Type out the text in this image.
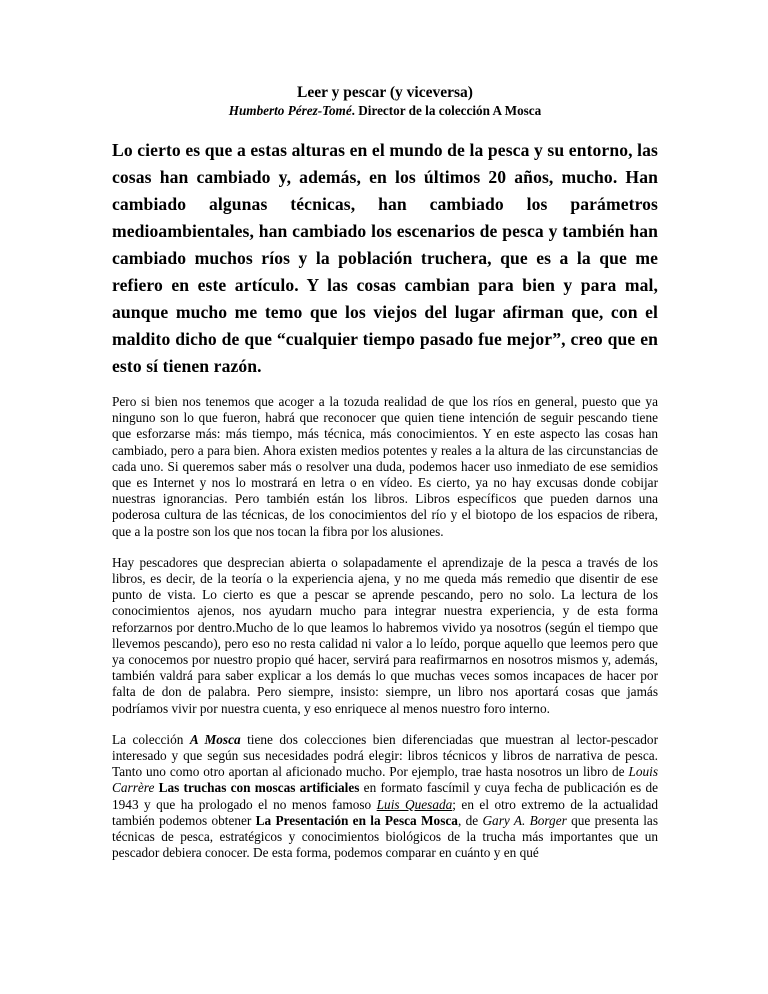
Leer y pescar (y viceversa)

Humberto Pérez-Tomé. Director de la colección A Mosca

Lo cierto es que a estas alturas en el mundo de la pesca y su entorno, las cosas han cambiado y, además, en los últimos 20 años, mucho. Han cambiado algunas técnicas, han cambiado los parámetros medioambientales, han cambiado los escenarios de pesca y también han cambiado muchos ríos y la población truchera, que es a la que me refiero en este artículo. Y las cosas cambian para bien y para mal, aunque mucho me temo que los viejos del lugar afirman que, con el maldito dicho de que “cualquier tiempo pasado fue mejor”, creo que en esto sí tienen razón.

Pero si bien nos tenemos que acoger a la tozuda realidad de que los ríos en general, puesto que ya ninguno son lo que fueron, habrá que reconocer que quien tiene intención de seguir pescando tiene que esforzarse más: más tiempo, más técnica, más conocimientos. Y en este aspecto las cosas han cambiado, pero a para bien. Ahora existen medios potentes y reales a la altura de las circunstancias de cada uno. Si queremos saber más o resolver una duda, podemos hacer uso inmediato de ese semidios que es Internet y nos lo mostrará en letra o en vídeo. Es cierto, ya no hay excusas donde cobijar nuestras ignorancias. Pero también están los libros. Libros específicos que pueden darnos una poderosa cultura de las técnicas, de los conocimientos del río y el biotopo de los espacios de ribera, que a la postre son los que nos tocan la fibra por los alusiones.

Hay pescadores que desprecian abierta o solapadamente el aprendizaje de la pesca a través de los libros, es decir, de la teoría o la experiencia ajena, y no me queda más remedio que disentir de ese punto de vista. Lo cierto es que a pescar se aprende pescando, pero no solo. La lectura de los conocimientos ajenos, nos ayudarn mucho para integrar nuestra experiencia, y de esta forma reforzarnos por dentro.Mucho de lo que leamos lo habremos vivido ya nosotros (según el tiempo que llevemos pescando), pero eso no resta calidad ni valor a lo leído, porque aquello que leemos pero que ya conocemos por nuestro propio qué hacer, servirá para reafirmarnos en nosotros mismos y, además, también valdrá para saber explicar a los demás lo que muchas veces somos incapaces de hacer por falta de don de palabra. Pero siempre, insisto: siempre, un libro nos aportará cosas que jamás podríamos vivir por nuestra cuenta, y eso enriquece al menos nuestro foro interno.

La colección A Mosca tiene dos colecciones bien diferenciadas que muestran al lector-pescador interesado y que según sus necesidades podrá elegir: libros técnicos y libros de narrativa de pesca. Tanto uno como otro aportan al aficionado mucho. Por ejemplo, trae hasta nosotros un libro de Louis Carrère Las truchas con moscas artificiales en formato fascímil y cuya fecha de publicación es de 1943 y que ha prologado el no menos famoso Luis Quesada; en el otro extremo de la actualidad también podemos obtener La Presentación en la Pesca Mosca, de Gary A. Borger que presenta las técnicas de pesca, estratégicos y conocimientos biológicos de la trucha más importantes que un pescador debiera conocer. De esta forma, podemos comparar en cuánto y en qué
